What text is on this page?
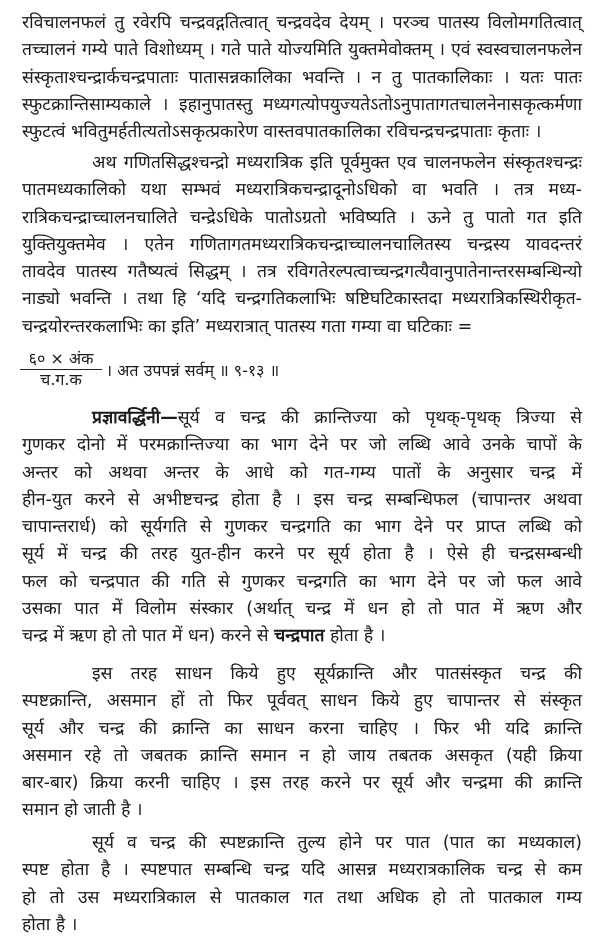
रविचालनफलं तु रवेरपि चन्द्रवद्गतित्वात् चन्द्रवदेव देयम् । परञ्च पातस्य विलोमगतित्वात्
तच्चालनं गम्ये पाते विशोध्यम् । गते पाते योज्यमिति युक्तमेवोक्तम् । एवं स्वस्वचालनफलेन
संस्कृताश्चन्द्रार्कचन्द्रपाताः पातासन्नकालिका भवन्ति । न तु पातकालिकाः । यतः पातः
स्फुटक्रान्तिसाम्यकाले । इहानुपातस्तु मध्यगत्योपयुज्यतेऽतोऽनुपातागतचालनेनासकृत्कर्मणा
स्फुटत्वं भवितुमर्हतीत्यतोऽसकृत्प्रकारेण वास्तवपातकालिका रविचन्द्रचन्द्रपाताः कृताः ।
अथ गणितसिद्धश्चन्द्रो मध्यरात्रिक इति पूर्वमुक्त एव चालनफलेन संस्कृतश्चन्द्रः
पातमध्यकालिको यथा सम्भवं मध्यरात्रिकचन्द्रादूनोऽधिको वा भवति । तत्र मध्य-
रात्रिकचन्द्राच्चालनचालिते चन्द्रेऽधिके पातोऽग्रतो भविष्यति । ऊने तु पातो गत इति
युक्तियुक्तमेव । एतेन गणितागतमध्यरात्रिकचन्द्राच्चालनचालितस्य चन्द्रस्य यावदन्तरं
तावदेव पातस्य गतैष्यत्वं सिद्धम् । तत्र रविगतेरल्पत्वाच्चन्द्रगत्यैवानुपातेनान्तरसम्बन्धिन्यो
नाड्यो भवन्ति । तथा हि ‘यदि चन्द्रगतिकलाभिः षष्टिघटिकास्तदा मध्यरात्रिकस्थिरीकृत-
चन्द्रयोरन्तरकलाभिः का इति’ मध्यरात्रात् पातस्य गता गम्या वा घटिकाः =
$\frac{\text{६० × अंक}}{\text{च.ग.क}}$ । अत उपपन्नं सर्वम् ॥ ९-१३ ॥
प्रज्ञावर्द्धिनी—सूर्य व चन्द्र की क्रान्तिज्या को पृथक्-पृथक् त्रिज्या से
गुणकर दोनो में परमक्रान्तिज्या का भाग देने पर जो लब्धि आवे उनके चापों के
अन्तर को अथवा अन्तर के आधे को गत-गम्य पातों के अनुसार चन्द्र में
हीन-युत करने से अभीष्टचन्द्र होता है । इस चन्द्र सम्बन्धिफल (चापान्तर अथवा
चापान्तरार्ध) को सूर्यगति से गुणकर चन्द्रगति का भाग देने पर प्राप्त लब्धि को
सूर्य में चन्द्र की तरह युत-हीन करने पर सूर्य होता है । ऐसे ही चन्द्रसम्बन्धी
फल को चन्द्रपात की गति से गुणकर चन्द्रगति का भाग देने पर जो फल आवे
उसका पात में विलोम संस्कार (अर्थात् चन्द्र में धन हो तो पात में ऋण और
चन्द्र में ऋण हो तो पात में धन) करने से चन्द्रपात होता है ।
इस तरह साधन किये हुए सूर्यक्रान्ति और पातसंस्कृत चन्द्र की
स्पष्टक्रान्ति, असमान हों तो फिर पूर्ववत् साधन किये हुए चापान्तर से संस्कृत
सूर्य और चन्द्र की क्रान्ति का साधन करना चाहिए । फिर भी यदि क्रान्ति
असमान रहे तो जबतक क्रान्ति समान न हो जाय तबतक असकृत (यही क्रिया
बार-बार) क्रिया करनी चाहिए । इस तरह करने पर सूर्य और चन्द्रमा की क्रान्ति
समान हो जाती है ।
सूर्य व चन्द्र की स्पष्टक्रान्ति तुल्य होने पर पात (पात का मध्यकाल)
स्पष्ट होता है । स्पष्टपात सम्बन्धि चन्द्र यदि आसन्न मध्यरात्रकालिक चन्द्र से कम
हो तो उस मध्यरात्रिकाल से पातकाल गत तथा अधिक हो तो पातकाल गम्य
होता है ।
